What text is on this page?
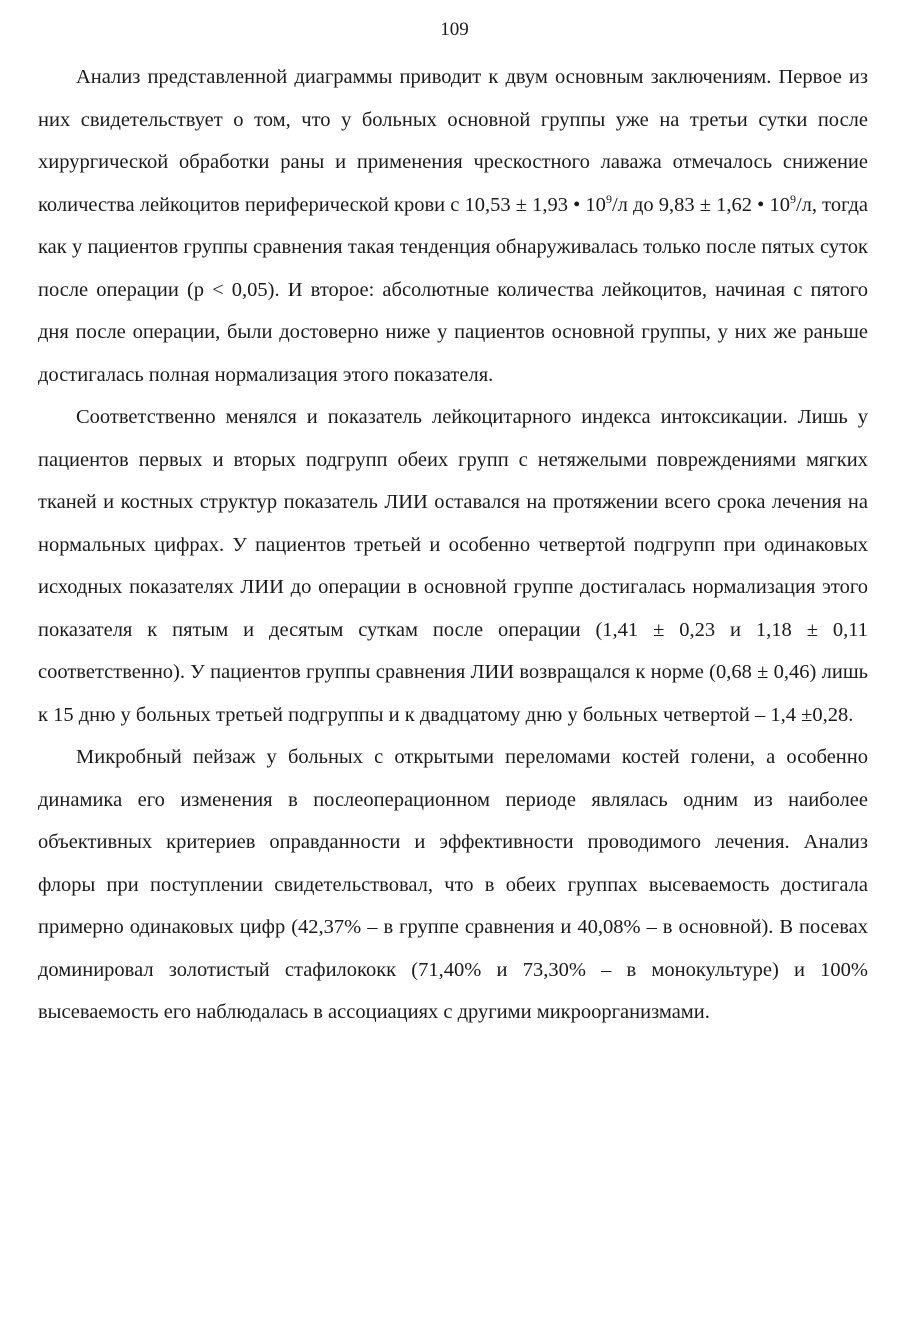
109

Анализ представленной диаграммы приводит к двум основным заключениям. Первое из них свидетельствует о том, что у больных основной группы уже на третьи сутки после хирургической обработки раны и применения чрескостного лаважа отмечалось снижение количества лейкоцитов периферической крови с 10,53 ± 1,93 • $10^9/л$ до 9,83 ± 1,62 • $10^9/л$, тогда как у пациентов группы сравнения такая тенденция обнаруживалась только после пятых суток после операции (р < 0,05). И второе: абсолютные количества лейкоцитов, начиная с пятого дня после операции, были достоверно ниже у пациентов основной группы, у них же раньше достигалась полная нормализация этого показателя.

Соответственно менялся и показатель лейкоцитарного индекса интоксикации. Лишь у пациентов первых и вторых подгрупп обеих групп с нетяжелыми повреждениями мягких тканей и костных структур показатель ЛИИ оставался на протяжении всего срока лечения на нормальных цифрах. У пациентов третьей и особенно четвертой подгрупп при одинаковых исходных показателях ЛИИ до операции в основной группе достигалась нормализация этого показателя к пятым и десятым суткам после операции (1,41 ± 0,23 и 1,18 ± 0,11 соответственно). У пациентов группы сравнения ЛИИ возвращался к норме (0,68 ± 0,46) лишь к 15 дню у больных третьей подгруппы и к двадцатому дню у больных четвертой – 1,4 ±0,28.

Микробный пейзаж у больных с открытыми переломами костей голени, а особенно динамика его изменения в послеоперационном периоде являлась одним из наиболее объективных критериев оправданности и эффективности проводимого лечения. Анализ флоры при поступлении свидетельствовал, что в обеих группах высеваемость достигала примерно одинаковых цифр (42,37% – в группе сравнения и 40,08% – в основной). В посевах доминировал золотистый стафилококк (71,40% и 73,30% – в монокультуре) и 100% высеваемость его наблюдалась в ассоциациях с другими микроорганизмами.
